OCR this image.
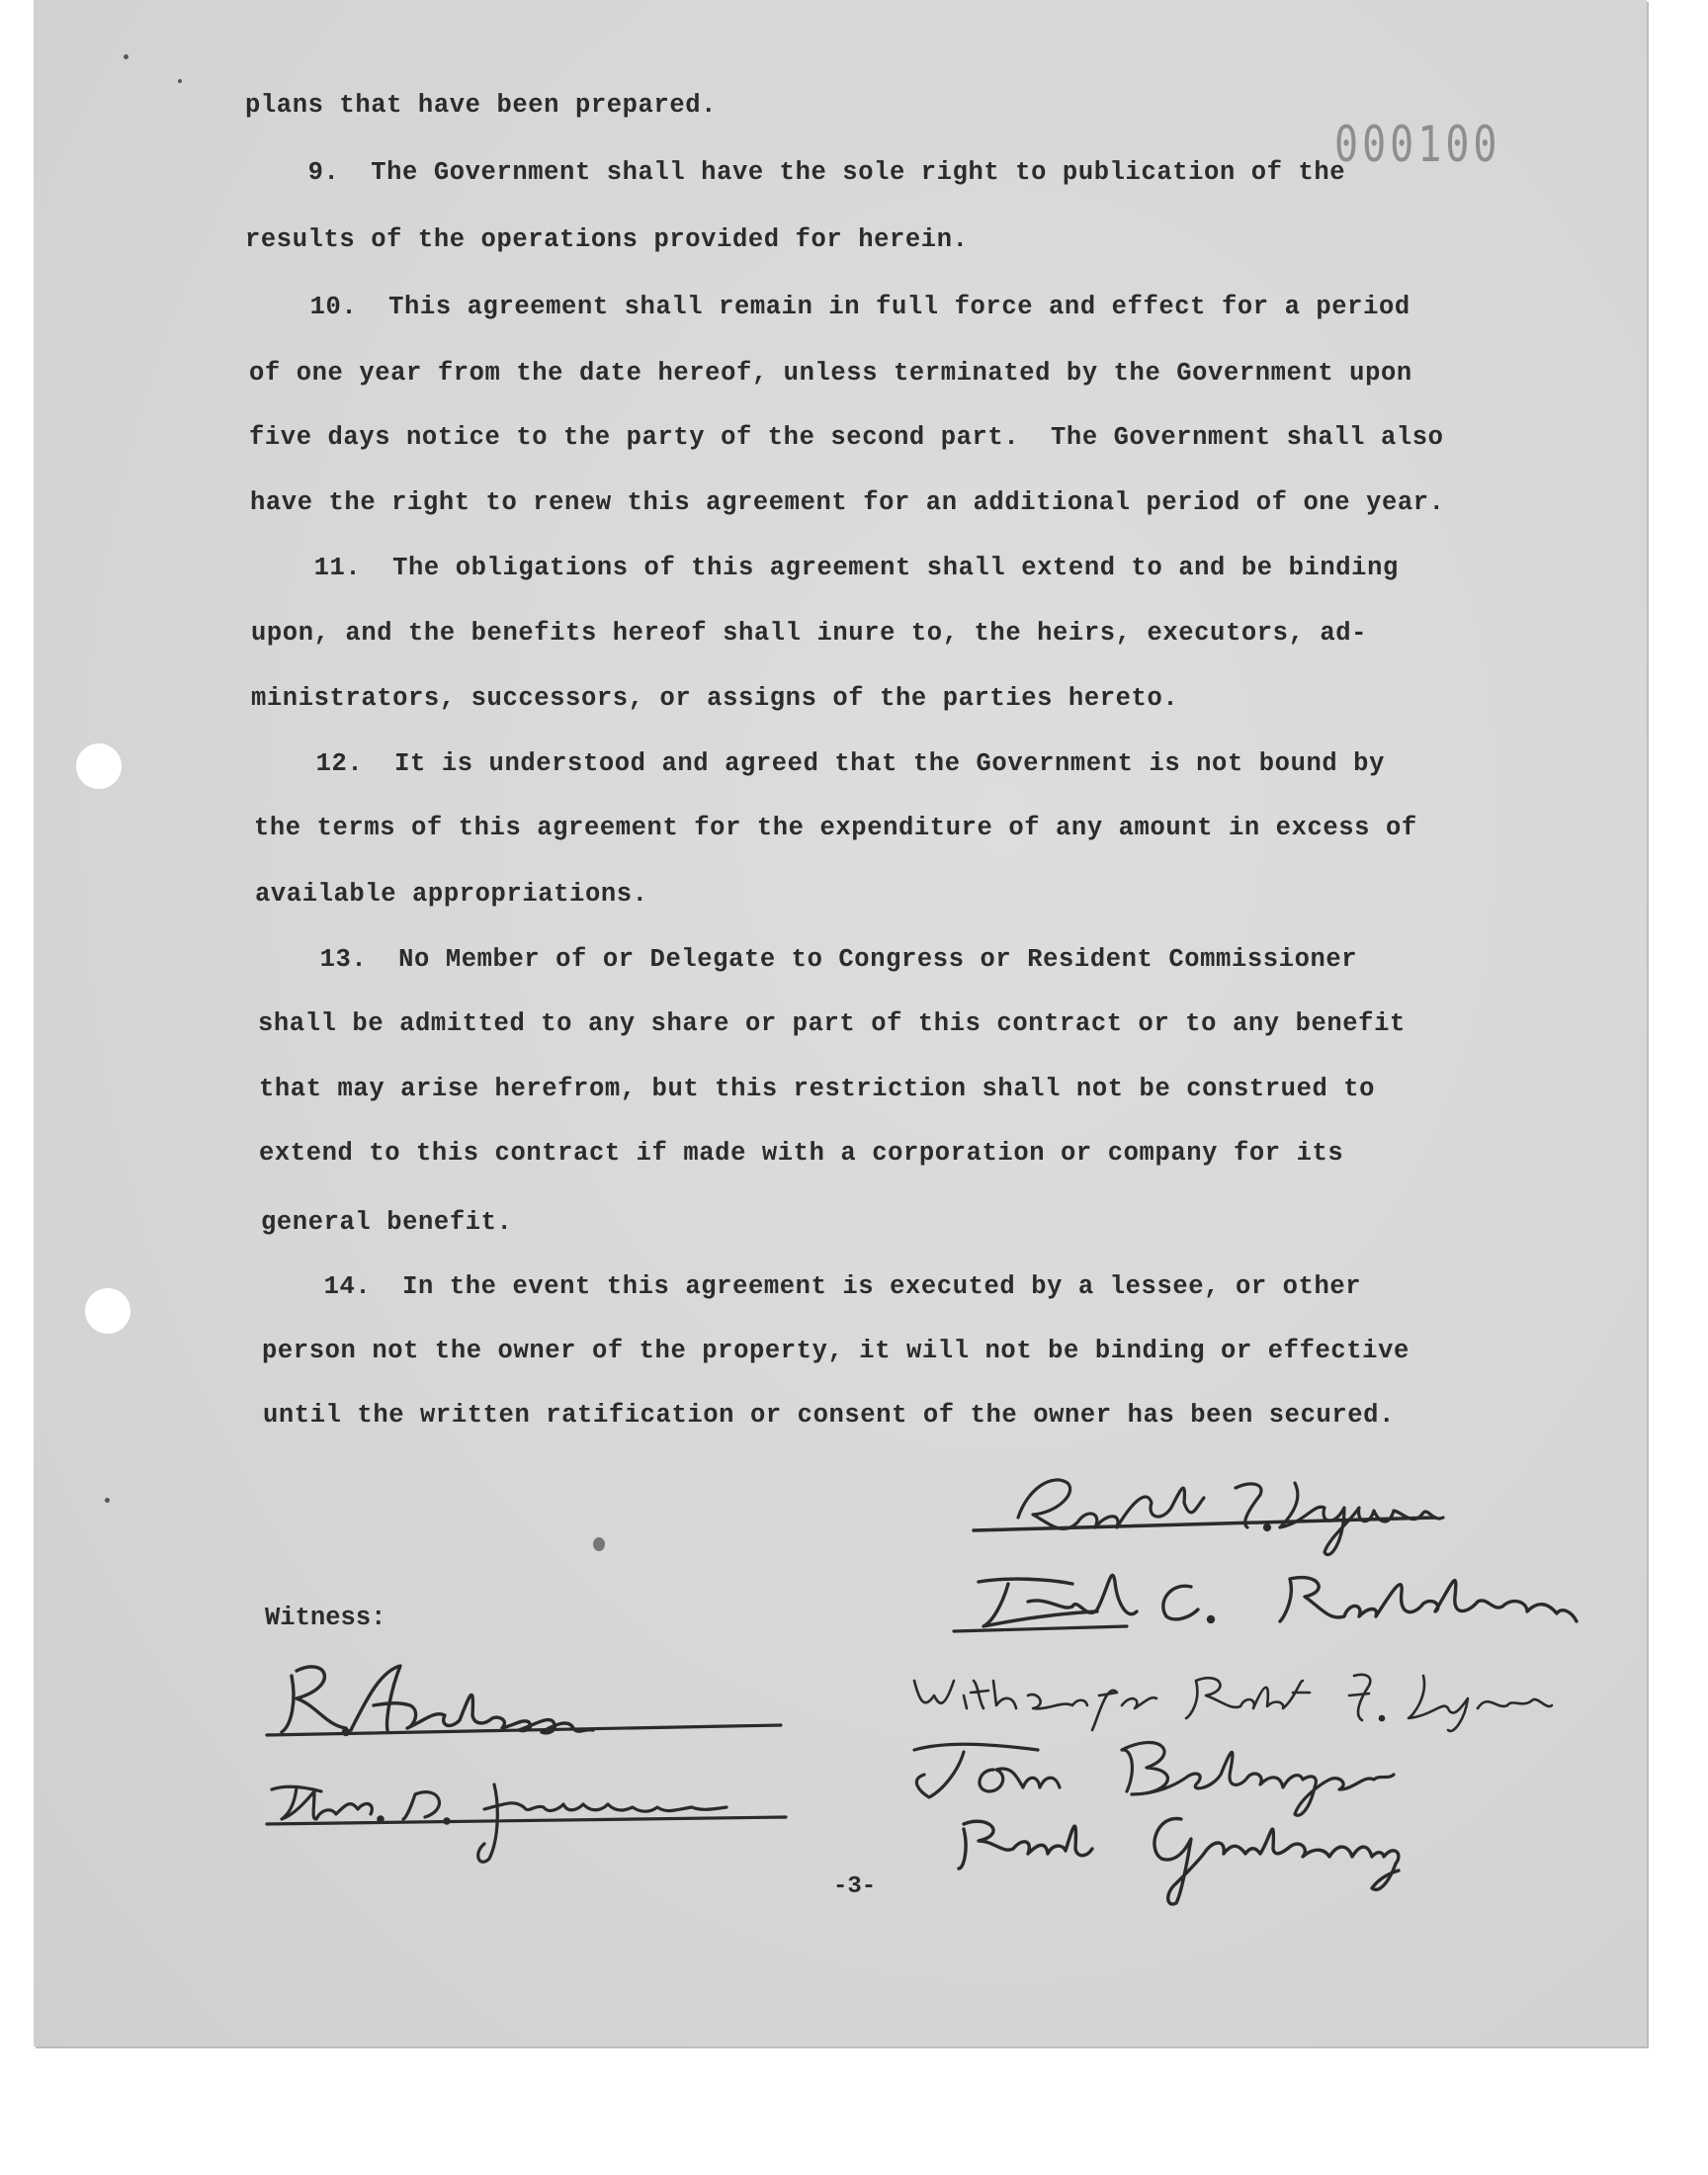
000100
plans that have been prepared.
9.  The Government shall have the sole right to publication of the
results of the operations provided for herein.
10.  This agreement shall remain in full force and effect for a period
of one year from the date hereof, unless terminated by the Government upon
five days notice to the party of the second part.  The Government shall also
have the right to renew this agreement for an additional period of one year.
11.  The obligations of this agreement shall extend to and be binding
upon, and the benefits hereof shall inure to, the heirs, executors, ad-
ministrators, successors, or assigns of the parties hereto.
12.  It is understood and agreed that the Government is not bound by
the terms of this agreement for the expenditure of any amount in excess of
available appropriations.
13.  No Member of or Delegate to Congress or Resident Commissioner
shall be admitted to any share or part of this contract or to any benefit
that may arise herefrom, but this restriction shall not be construed to
extend to this contract if made with a corporation or company for its
general benefit.
14.  In the event this agreement is executed by a lessee, or other
person not the owner of the property, it will not be binding or effective
until the written ratification or consent of the owner has been secured.
Witness:
-3-
